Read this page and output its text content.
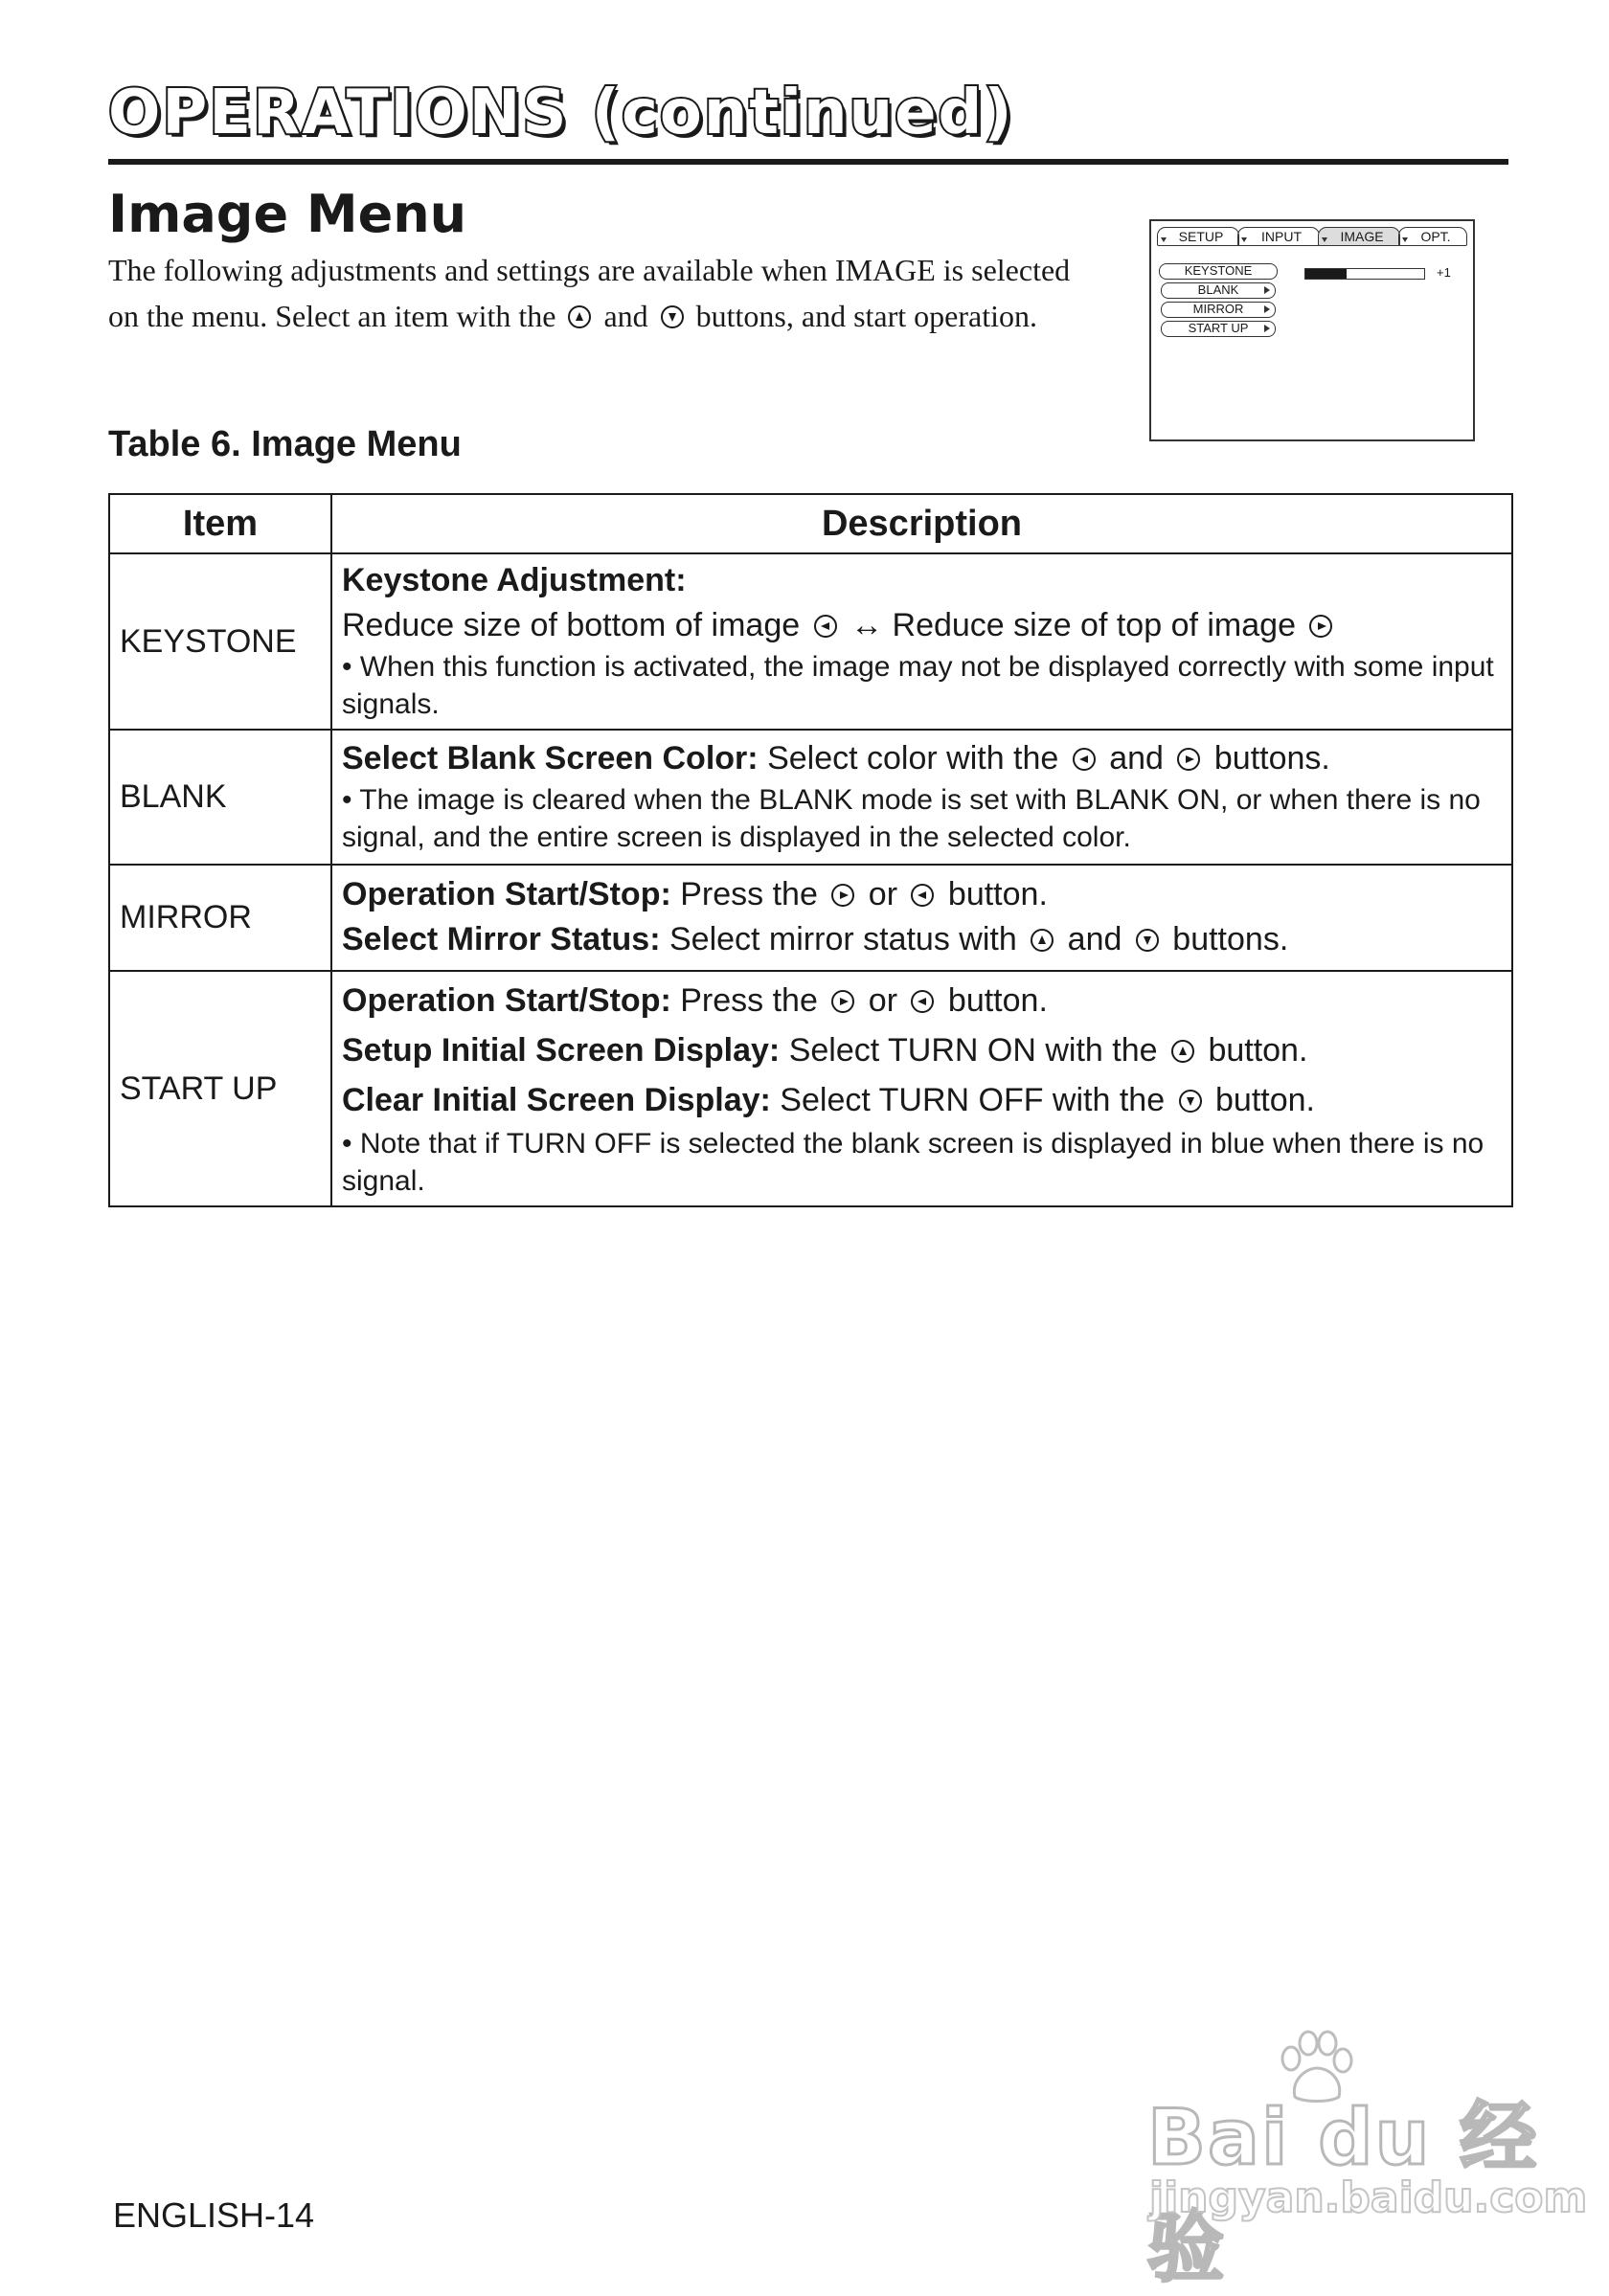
OPERATIONS (continued)
Image Menu

The following adjustments and settings are available when IMAGE is selected on the menu. Select an item with the and buttons, and start operation.

SETUP	INPUT	IMAGE	OPT.
KEYSTONE
BLANK
MIRROR
START UP
+1
Table 6. Image Menu
Item	Description
KEYSTONE	Keystone Adjustment:
Reduce size of bottom of image ↔ Reduce size of top of image
• When this function is activated, the image may not be displayed correctly with some input signals.

BLANK	Select Blank Screen Color: Select color with the and buttons.
• The image is cleared when the BLANK mode is set with BLANK ON, or when there is no signal, and the entire screen is displayed in the selected color.

MIRROR	Operation Start/Stop: Press the or button.
Select Mirror Status: Select mirror status with and buttons.

START UP	Operation Start/Stop: Press the or button.
Setup Initial Screen Display: Select TURN ON with the button.
Clear Initial Screen Display: Select TURN OFF with the button.
• Note that if TURN OFF is selected the blank screen is displayed in blue when there is no signal.
ENGLISH-14
Bai du 经验
jingyan.baidu.com
